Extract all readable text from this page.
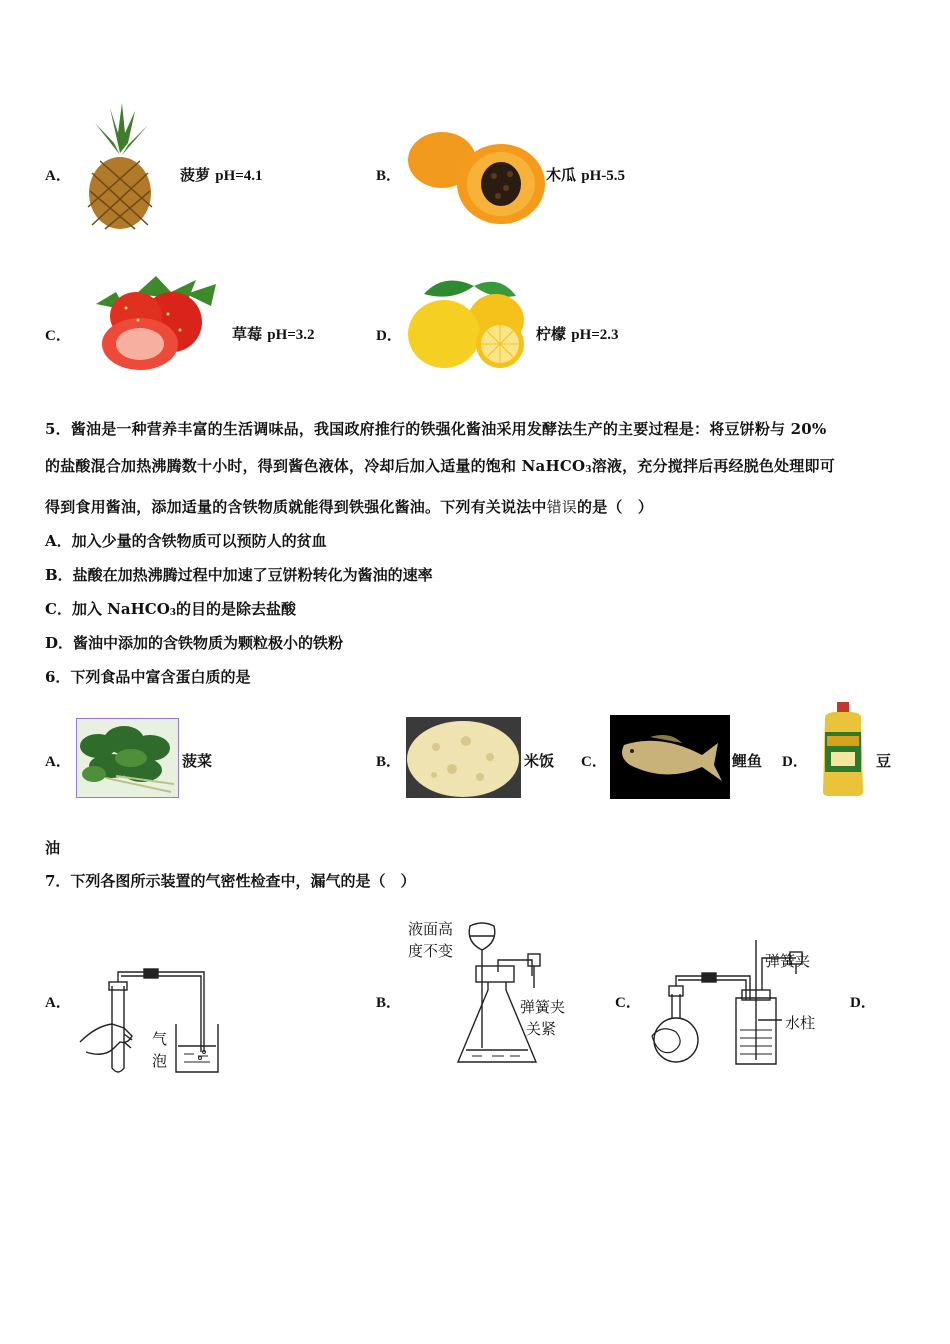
A．	菠萝 pH=4.1	B．	木瓜 pH-5.5
C．	草莓 pH=3.2	D．	柠檬 pH=2.3
5．酱油是一种营养丰富的生活调味品，我国政府推行的铁强化酱油采用发酵法生产的主要过程是：将豆饼粉与 20%
的盐酸混合加热沸腾数十小时，得到酱色液体，冷却后加入适量的饱和 NaHCO3溶液，充分搅拌后再经脱色处理即可
得到食用酱油，添加适量的含铁物质就能得到铁强化酱油。下列有关说法中错误的是（　）
A．加入少量的含铁物质可以预防人的贫血
B．盐酸在加热沸腾过程中加速了豆饼粉转化为酱油的速率
C．加入 NaHCO3的目的是除去盐酸
D．酱油中添加的含铁物质为颗粒极小的铁粉
6．下列食品中富含蛋白质的是
A．	菠菜	B．	米饭 C．	鲤鱼 D．	豆
油
7．下列各图所示装置的气密性检查中，漏气的是（　）
A．
气
泡
B．
液面高
度不变
弹簧夹
关紧
C．
弹簧夹
水柱
D．
